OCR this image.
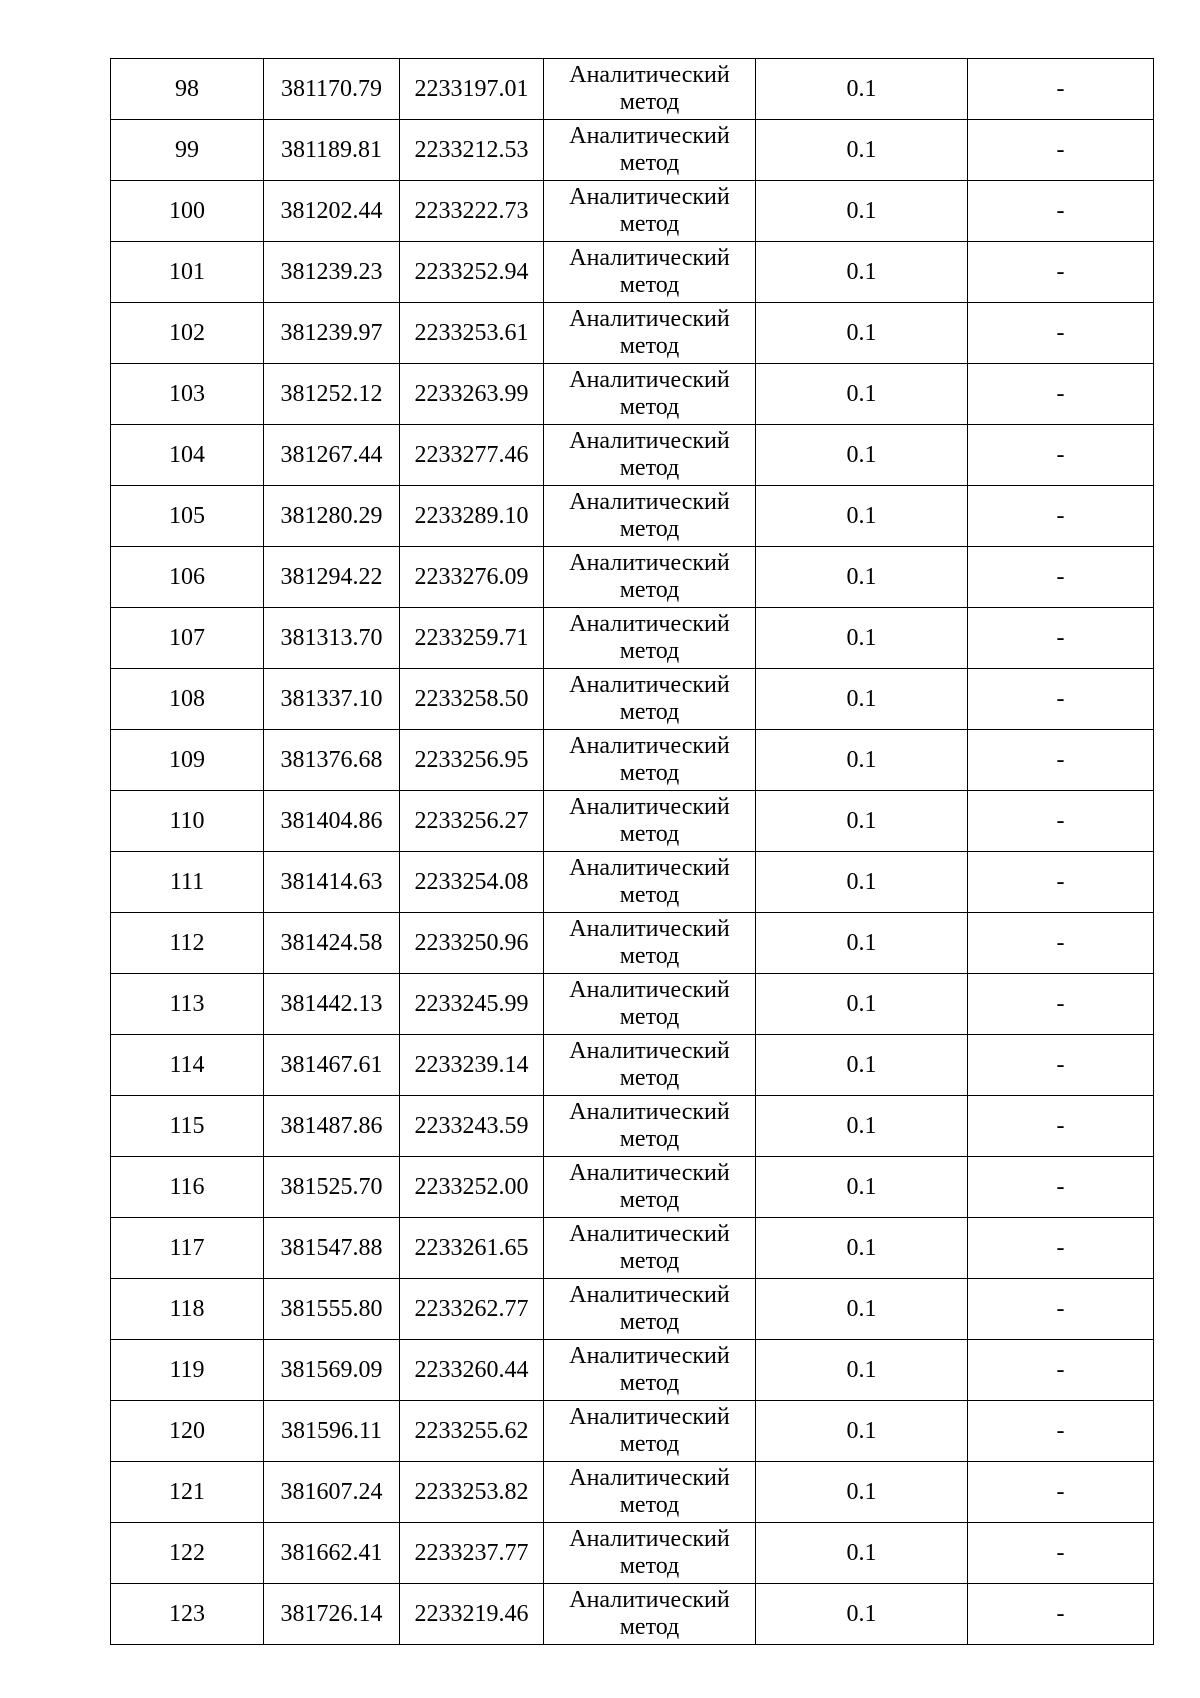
98	381170.79	2233197.01	Аналитический метод	0.1	-
99	381189.81	2233212.53	Аналитический метод	0.1	-
100	381202.44	2233222.73	Аналитический метод	0.1	-
101	381239.23	2233252.94	Аналитический метод	0.1	-
102	381239.97	2233253.61	Аналитический метод	0.1	-
103	381252.12	2233263.99	Аналитический метод	0.1	-
104	381267.44	2233277.46	Аналитический метод	0.1	-
105	381280.29	2233289.10	Аналитический метод	0.1	-
106	381294.22	2233276.09	Аналитический метод	0.1	-
107	381313.70	2233259.71	Аналитический метод	0.1	-
108	381337.10	2233258.50	Аналитический метод	0.1	-
109	381376.68	2233256.95	Аналитический метод	0.1	-
110	381404.86	2233256.27	Аналитический метод	0.1	-
111	381414.63	2233254.08	Аналитический метод	0.1	-
112	381424.58	2233250.96	Аналитический метод	0.1	-
113	381442.13	2233245.99	Аналитический метод	0.1	-
114	381467.61	2233239.14	Аналитический метод	0.1	-
115	381487.86	2233243.59	Аналитический метод	0.1	-
116	381525.70	2233252.00	Аналитический метод	0.1	-
117	381547.88	2233261.65	Аналитический метод	0.1	-
118	381555.80	2233262.77	Аналитический метод	0.1	-
119	381569.09	2233260.44	Аналитический метод	0.1	-
120	381596.11	2233255.62	Аналитический метод	0.1	-
121	381607.24	2233253.82	Аналитический метод	0.1	-
122	381662.41	2233237.77	Аналитический метод	0.1	-
123	381726.14	2233219.46	Аналитический метод	0.1	-
